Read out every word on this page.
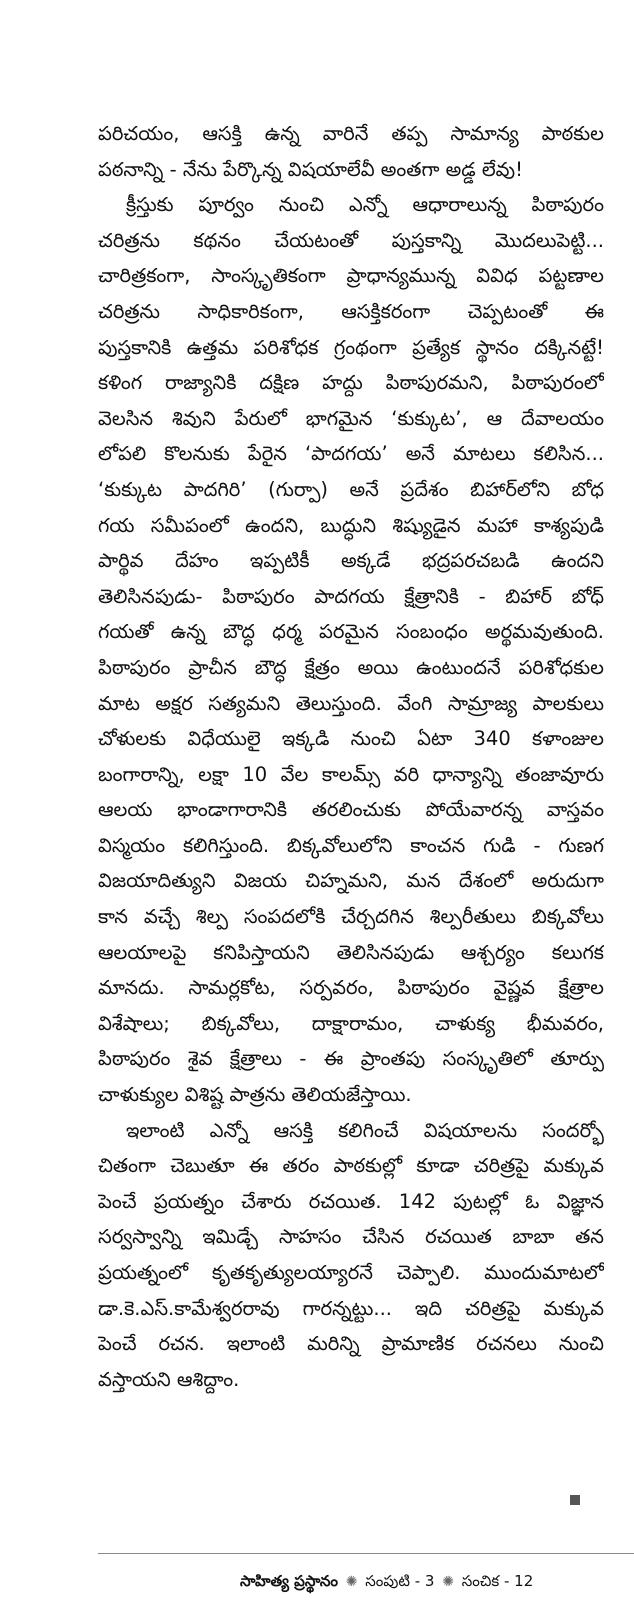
పరిచయం, ఆసక్తి ఉన్న వారినే తప్ప సామాన్య పాఠకుల
పఠనాన్ని - నేను పేర్కొన్న విషయాలేవీ అంతగా అడ్డ లేవు!
క్రీస్తుకు పూర్వం నుంచి ఎన్నో ఆధారాలున్న పిఠాపురం
చరిత్రను కథనం చేయటంతో పుస్తకాన్ని మొదలుపెట్టి...
చారిత్రకంగా, సాంస్కృతికంగా ప్రాధాన్యమున్న వివిధ పట్టణాల
చరిత్రను సాధికారికంగా, ఆసక్తికరంగా చెప్పటంతో ఈ
పుస్తకానికి ఉత్తమ పరిశోధక గ్రంథంగా ప్రత్యేక స్థానం దక్కినట్టే!
కళింగ రాజ్యానికి దక్షిణ హద్దు పిఠాపురమని, పిఠాపురంలో
వెలసిన శివుని పేరులో భాగమైన ‘కుక్కుట’, ఆ దేవాలయం
లోపలి కొలనుకు పేరైన ‘పాదగయ’ అనే మాటలు కలిసిన...
‘కుక్కుట పాదగిరి’ (గుర్పా) అనే ప్రదేశం బిహార్‌లోని బోధ
గయ సమీపంలో ఉందని, బుద్ధుని శిష్యుడైన మహా కాశ్యపుడి
పార్థివ దేహం ఇప్పటికీ అక్కడే భద్రపరచబడి ఉందని
తెలిసినపుడు- పిఠాపురం పాదగయ క్షేత్రానికి - బిహార్ బోధ్
గయతో ఉన్న బౌద్ధ ధర్మ పరమైన సంబంధం అర్థమవుతుంది.
పిఠాపురం ప్రాచీన బౌద్ధ క్షేత్రం అయి ఉంటుందనే పరిశోధకుల
మాట అక్షర సత్యమని తెలుస్తుంది. వేంగి సామ్రాజ్య పాలకులు
చోళులకు విధేయులై ఇక్కడి నుంచి ఏటా 340 కళాంజుల
బంగారాన్ని, లక్షా 10 వేల కాలమ్స్ వరి ధాన్యాన్ని తంజావూరు
ఆలయ భాండాగారానికి తరలించుకు పోయేవారన్న వాస్తవం
విస్మయం కలిగిస్తుంది. బిక్కవోలులోని కాంచన గుడి - గుణగ
విజయాదిత్యుని విజయ చిహ్నమని, మన దేశంలో అరుదుగా
కాన వచ్చే శిల్ప సంపదలోకి చేర్చదగిన శిల్పరీతులు బిక్కవోలు
ఆలయాలపై కనిపిస్తాయని తెలిసినపుడు ఆశ్చర్యం కలుగక
మానదు. సామర్లకోట, సర్పవరం, పిఠాపురం వైష్ణవ క్షేత్రాల
విశేషాలు; బిక్కవోలు, దాక్షారామం, చాళుక్య భీమవరం,
పిఠాపురం శైవ క్షేత్రాలు - ఈ ప్రాంతపు సంస్కృతిలో తూర్పు
చాళుక్యుల విశిష్ట పాత్రను తెలియజేస్తాయి.
ఇలాంటి ఎన్నో ఆసక్తి కలిగించే విషయాలను సందర్భో
చితంగా చెబుతూ ఈ తరం పాఠకుల్లో కూడా చరిత్రపై మక్కువ
పెంచే ప్రయత్నం చేశారు రచయిత. 142 పుటల్లో ఓ విజ్ఞాన
సర్వస్వాన్ని ఇమిడ్చే సాహసం చేసిన రచయిత బాబా తన
ప్రయత్నంలో కృతకృత్యులయ్యారనే చెప్పాలి. ముందుమాటలో
డా.కె.ఎస్.కామేశ్వరరావు గారన్నట్టు... ఇది చరిత్రపై మక్కువ
పెంచే రచన. ఇలాంటి మరిన్ని ప్రామాణిక రచనలు నుంచి
వస్తాయని ఆశిద్దాం.
సాహిత్య ప్రస్థానం ✺ సంపుటి - 3 ✺ సంచిక - 12
